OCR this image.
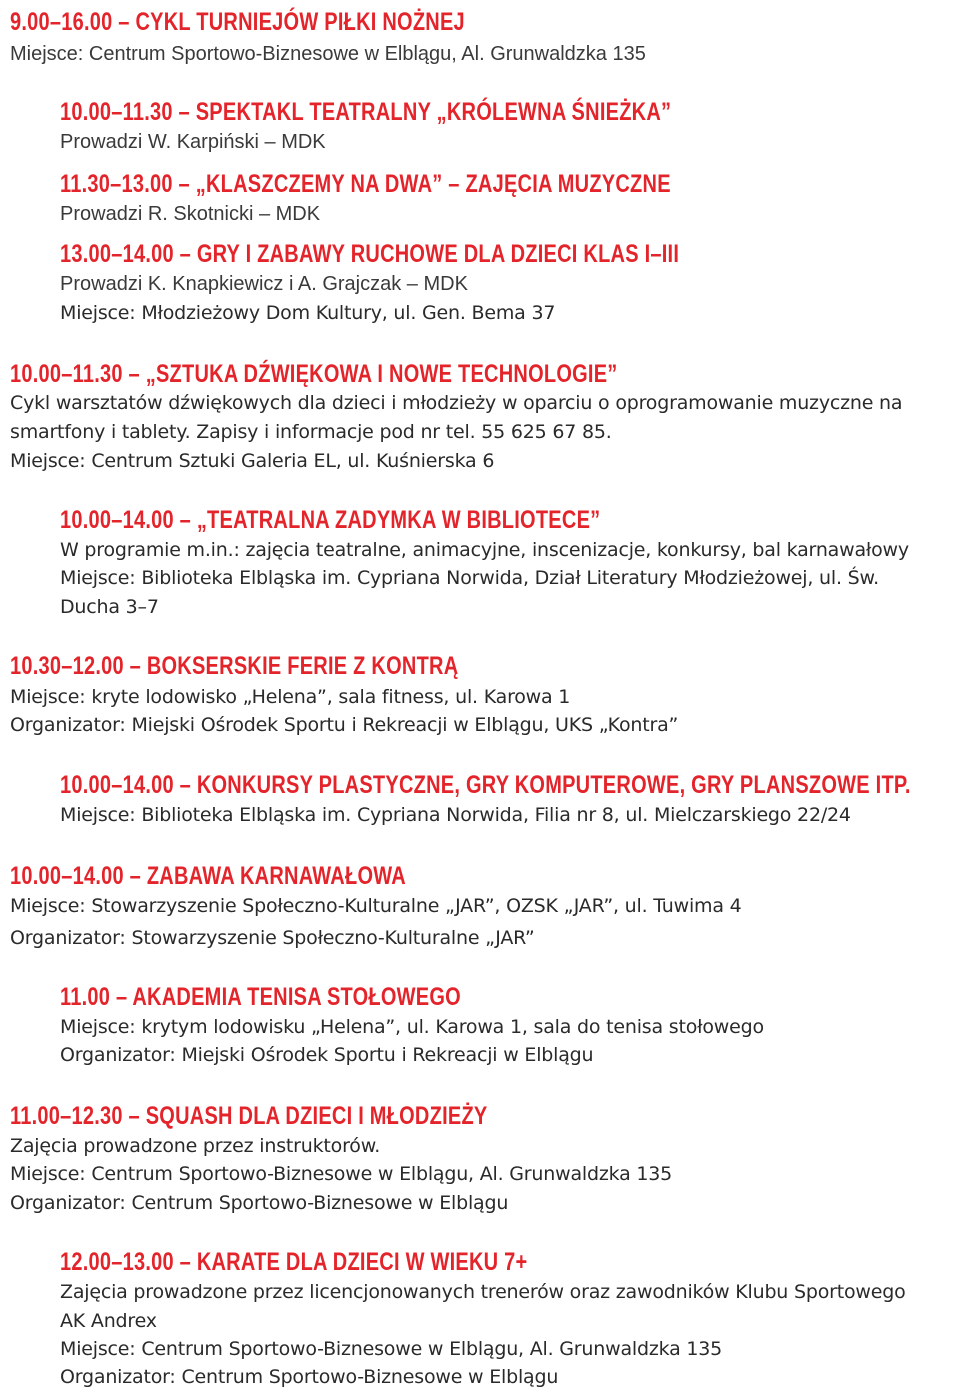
9.00–16.00 – CYKL TURNIEJÓW PIŁKI NOŻNEJ
Miejsce: Centrum Sportowo-Biznesowe w Elblągu, Al. Grunwaldzka 135
10.00–11.30 – SPEKTAKL TEATRALNY „KRÓLEWNA ŚNIEŻKA”
Prowadzi W. Karpiński – MDK
11.30–13.00 – „KLASZCZEMY NA DWA” – ZAJĘCIA MUZYCZNE
Prowadzi R. Skotnicki – MDK
13.00–14.00 – GRY I ZABAWY RUCHOWE DLA DZIECI KLAS I–III
Prowadzi K. Knapkiewicz i A. Grajczak – MDK
Miejsce: Młodzieżowy Dom Kultury, ul. Gen. Bema 37
10.00–11.30 – „SZTUKA DŹWIĘKOWA I NOWE TECHNOLOGIE”
Cykl warsztatów dźwiękowych dla dzieci i młodzieży w oparciu o oprogramowanie muzyczne na
smartfony i tablety. Zapisy i informacje pod nr tel. 55 625 67 85.
Miejsce: Centrum Sztuki Galeria EL, ul. Kuśnierska 6
10.00–14.00 – „TEATRALNA ZADYMKA W BIBLIOTECE”
W programie m.in.: zajęcia teatralne, animacyjne, inscenizacje, konkursy, bal karnawałowy
Miejsce: Biblioteka Elbląska im. Cypriana Norwida, Dział Literatury Młodzieżowej, ul. Św.
Ducha 3–7
10.30–12.00 – BOKSERSKIE FERIE Z KONTRĄ
Miejsce: kryte lodowisko „Helena”, sala fitness, ul. Karowa 1
Organizator: Miejski Ośrodek Sportu i Rekreacji w Elblągu, UKS „Kontra”
10.00–14.00 – KONKURSY PLASTYCZNE, GRY KOMPUTEROWE, GRY PLANSZOWE ITP.
Miejsce: Biblioteka Elbląska im. Cypriana Norwida, Filia nr 8, ul. Mielczarskiego 22/24
10.00–14.00 – ZABAWA KARNAWAŁOWA
Miejsce: Stowarzyszenie Społeczno-Kulturalne „JAR”, OZSK „JAR”, ul. Tuwima 4
Organizator: Stowarzyszenie Społeczno-Kulturalne „JAR”
11.00 – AKADEMIA TENISA STOŁOWEGO
Miejsce: krytym lodowisku „Helena”, ul. Karowa 1, sala do tenisa stołowego
Organizator: Miejski Ośrodek Sportu i Rekreacji w Elblągu
11.00–12.30 – SQUASH DLA DZIECI I MŁODZIEŻY
Zajęcia prowadzone przez instruktorów.
Miejsce: Centrum Sportowo-Biznesowe w Elblągu, Al. Grunwaldzka 135
Organizator: Centrum Sportowo-Biznesowe w Elblągu
12.00–13.00 – KARATE DLA DZIECI W WIEKU 7+
Zajęcia prowadzone przez licencjonowanych trenerów oraz zawodników Klubu Sportowego
AK Andrex
Miejsce: Centrum Sportowo-Biznesowe w Elblągu, Al. Grunwaldzka 135
Organizator: Centrum Sportowo-Biznesowe w Elblągu
